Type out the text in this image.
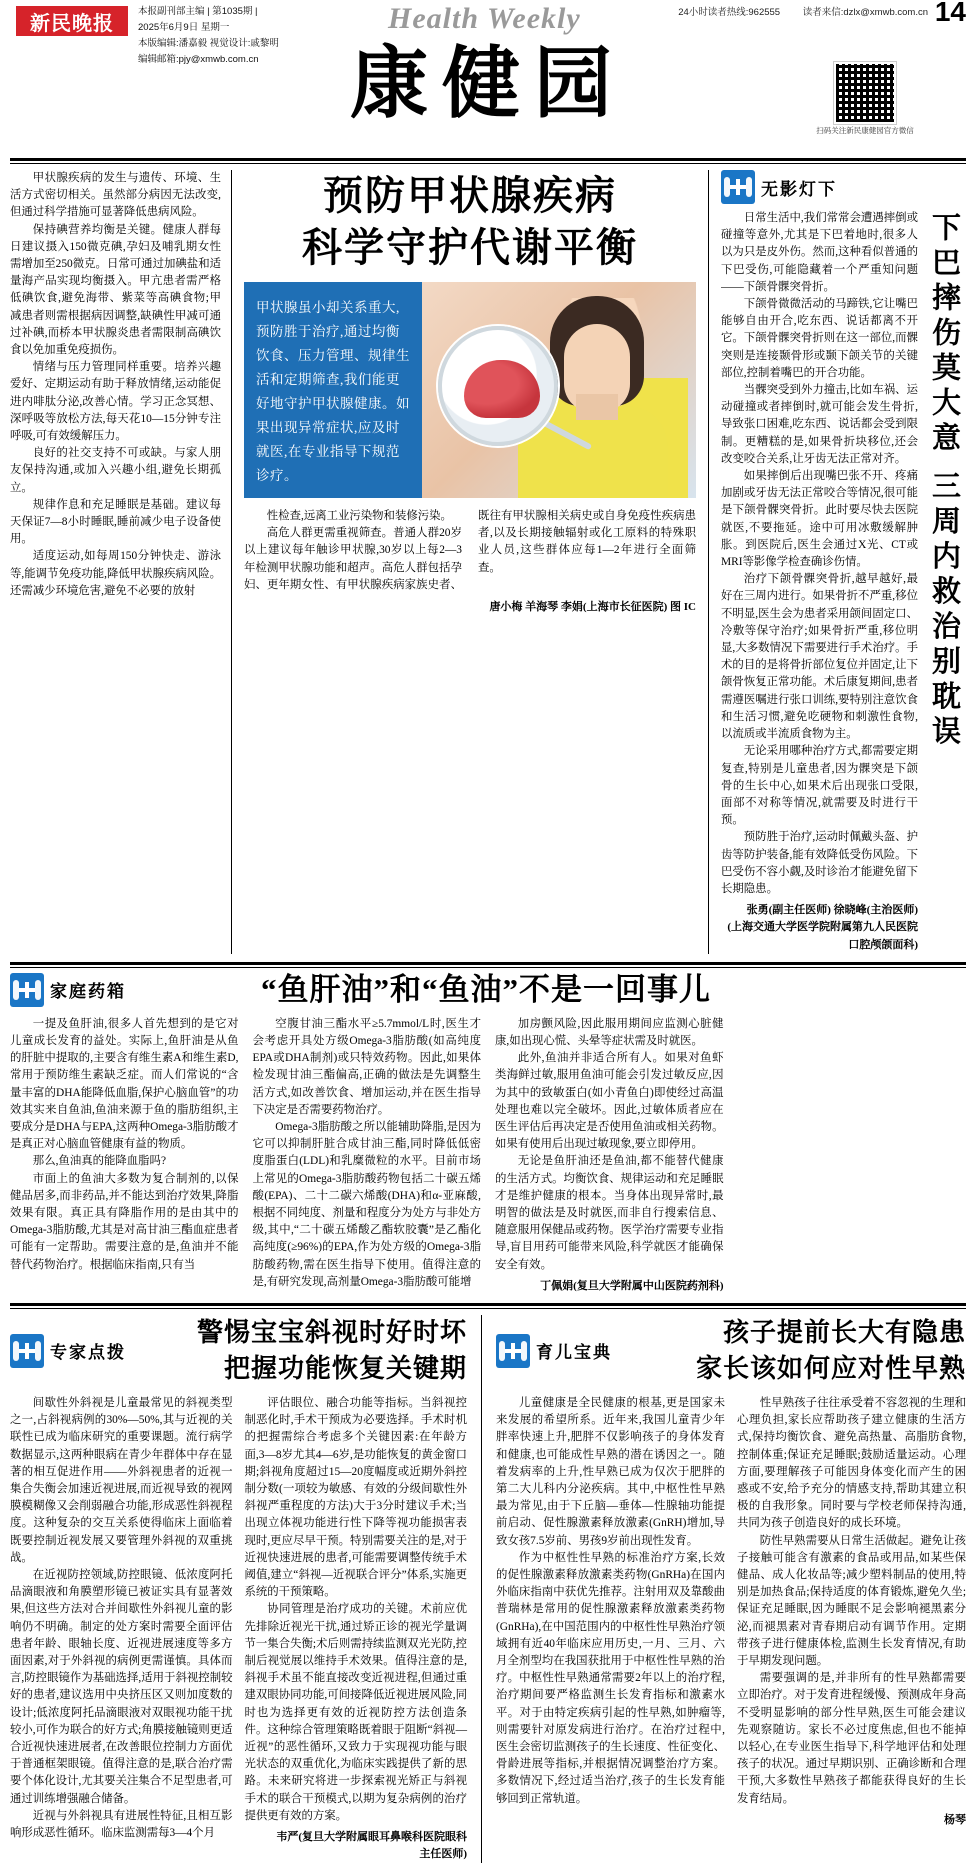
新民晚报
本报副刊部主编 | 第1035期 |
2025年6月9日 星期一
本版编辑:潘嘉毅 视觉设计:戚黎明
编辑邮箱:pjy@xmwb.com.cn
Health Weekly	24小时读者热线:962555 读者来信:dzlx@xmwb.com.cn 14
康健园
扫码关注新民康健园官方微信

甲状腺疾病的发生与遗传、环境、生活方式密切相关。虽然部分病因无法改变,但通过科学措施可显著降低患病风险。

保持碘营养均衡是关键。健康人群每日建议摄入150微克碘,孕妇及哺乳期女性需增加至250微克。日常可通过加碘盐和适量海产品实现均衡摄入。甲亢患者需严格低碘饮食,避免海带、紫菜等高碘食物;甲减患者则需根据病因调整,缺碘性甲减可通过补碘,而桥本甲状腺炎患者需限制高碘饮食以免加重免疫损伤。

情绪与压力管理同样重要。培养兴趣爱好、定期运动有助于释放情绪,运动能促进内啡肽分泌,改善心情。学习正念冥想、深呼吸等放松方法,每天花10—15分钟专注呼吸,可有效缓解压力。

良好的社交支持不可或缺。与家人朋友保持沟通,或加入兴趣小组,避免长期孤立。

规律作息和充足睡眠是基础。建议每天保证7—8小时睡眠,睡前减少电子设备使用。

适度运动,如每周150分钟快走、游泳等,能调节免疫功能,降低甲状腺疾病风险。还需减少环境危害,避免不必要的放射

预防甲状腺疾病
科学守护代谢平衡
甲状腺虽小却关系重大,预防胜于治疗,通过均衡饮食、压力管理、规律生活和定期筛查,我们能更好地守护甲状腺健康。如果出现异常症状,应及时就医,在专业指导下规范诊疗。

性检查,远离工业污染物和装修污染。

高危人群更需重视筛查。普通人群20岁以上建议每年触诊甲状腺,30岁以上每2—3年检测甲状腺功能和超声。高危人群包括孕妇、更年期女性、有甲状腺疾病家族史者、既往有甲状腺相关病史或自身免疫性疾病患者,以及长期接触辐射或化工原料的特殊职业人员,这些群体应每1—2年进行全面筛查。

唐小梅 羊海琴 李娟(上海市长征医院) 图 IC
无影灯下
下巴摔伤莫大意 三周内救治别耽误

日常生活中,我们常常会遭遇摔倒或碰撞等意外,尤其是下巴着地时,很多人以为只是皮外伤。然而,这种看似普通的下巴受伤,可能隐藏着一个严重知问题——下颌骨髁突骨折。

下颌骨微微活动的马蹄铁,它让嘴巴能够自由开合,吃东西、说话都离不开它。下颌骨髁突骨折则在这一部位,而髁突则是连接颞骨形或颞下颌关节的关键部位,控制着嘴巴的开合功能。

当髁突受到外力撞击,比如车祸、运动碰撞或者摔倒时,就可能会发生骨折,导致张口困难,吃东西、说话都会受到限制。更糟糕的是,如果骨折块移位,还会改变咬合关系,让牙齿无法正常对齐。

如果摔倒后出现嘴巴张不开、疼痛加剧或牙齿无法正常咬合等情况,很可能是下颌骨髁突骨折。此时要尽快去医院就医,不要拖延。途中可用冰敷缓解肿胀。到医院后,医生会通过X光、CT或MRI等影像学检查确诊伤情。

治疗下颌骨髁突骨折,越早越好,最好在三周内进行。如果骨折不严重,移位不明显,医生会为患者采用颌间固定口、冷敷等保守治疗;如果骨折严重,移位明显,大多数情况下需要进行手术治疗。手术的目的是将骨折部位复位并固定,让下颌骨恢复正常功能。术后康复期间,患者需遵医嘱进行张口训练,要特别注意饮食和生活习惯,避免吃硬物和刺激性食物,以流质或半流质食物为主。

无论采用哪种治疗方式,都需要定期复查,特别是儿童患者,因为髁突是下颌骨的生长中心,如果术后出现张口受限,面部不对称等情况,就需要及时进行干预。

预防胜于治疗,运动时佩戴头盔、护齿等防护装备,能有效降低受伤风险。下巴受伤不容小觑,及时诊治才能避免留下长期隐患。

张勇(副主任医师) 徐晓峰(主治医师)(上海交通大学医学院附属第九人民医院口腔颅颌面科)
家庭药箱	“鱼肝油”和“鱼油”不是一回事儿

一提及鱼肝油,很多人首先想到的是它对儿童成长发育的益处。实际上,鱼肝油是从鱼的肝脏中提取的,主要含有维生素A和维生素D,常用于预防维生素缺乏症。而人们常说的“含量丰富的DHA能降低血脂,保护心脑血管”的功效其实来自鱼油,鱼油来源于鱼的脂肪组织,主要成分是DHA与EPA,这两种Omega-3脂肪酸才是真正对心脑血管健康有益的物质。

那么,鱼油真的能降血脂吗?

市面上的鱼油大多数为复合制剂的,以保健品居多,而非药品,并不能达到治疗效果,降脂效果有限。真正具有降脂作用的是由其中的Omega-3脂肪酸,尤其是对高甘油三酯血症患者可能有一定帮助。需要注意的是,鱼油并不能替代药物治疗。根据临床指南,只有当

空腹甘油三酯水平≥5.7mmol/L时,医生才会考虑开具处方级Omega-3脂肪酸(如高纯度EPA或DHA制剂)或只特效药物。因此,如果体检发现甘油三酯偏高,正确的做法是先调整生活方式,如改善饮食、增加运动,并在医生指导下决定是否需要药物治疗。

Omega-3脂肪酸之所以能辅助降脂,是因为它可以抑制肝脏合成甘油三酯,同时降低低密度脂蛋白(LDL)和乳糜微粒的水平。目前市场上常见的Omega-3脂肪酸药物包括二十碳五烯酸(EPA)、二十二碳六烯酸(DHA)和α-亚麻酸,根据不同纯度、剂量和程度分为处方与非处方级,其中,“二十碳五烯酸乙酯软胶囊”是乙酯化高纯度(≥96%)的EPA,作为处方级的Omega-3脂肪酸药物,需在医生指导下使用。值得注意的是,有研究发现,高剂量Omega-3脂肪酸可能增

加房颤风险,因此服用期间应监测心脏健康,如出现心慌、头晕等症状需及时就医。

此外,鱼油并非适合所有人。如果对鱼虾类海鲜过敏,服用鱼油可能会引发过敏反应,因为其中的致敏蛋白(如小青鱼白)即使经过高温处理也难以完全破坏。因此,过敏体质者应在医生评估后再决定是否使用鱼油或相关药物。如果有使用后出现过敏现象,要立即停用。

无论是鱼肝油还是鱼油,都不能替代健康的生活方式。均衡饮食、规律运动和充足睡眠才是维护健康的根本。当身体出现异常时,最明智的做法是及时就医,而非自行搜索信息、随意服用保健品或药物。医学治疗需要专业指导,盲目用药可能带来风险,科学就医才能确保安全有效。

丁佩娟(复旦大学附属中山医院药剂科)
专家点拨
警惕宝宝斜视时好时坏
把握功能恢复关键期

间歇性外斜视是儿童最常见的斜视类型之一,占斜视病例的30%—50%,其与近视的关联性已成为临床研究的重要课题。流行病学数据显示,这两种眼病在青少年群体中存在显著的相互促进作用——外斜视患者的近视一集合失衡会加速近视进展,而近视导致的视网膜模糊像又会削弱融合功能,形成恶性斜视程度。这种复杂的交互关系使得临床上面临着既要控制近视发展又要管理外斜视的双重挑战。

在近视防控领域,防控眼镜、低浓度阿托品滴眼液和角膜塑形镜已被证实具有显著效果,但这些方法对合并间歇性外斜视儿童的影响仍不明确。制定的处方案时需要全面评估患者年龄、眼轴长度、近视进展速度等多方面因素,对于外斜视的病例更需谨慎。具体而言,防控眼镜作为基础选择,适用于斜视控制较好的患者,建议选用中央挤压区又则加度数的设计;低浓度阿托品滴眼液对双眼视功能干扰较小,可作为联合的好方式;角膜接触镜则更适合近视快速进展者,在改善眼位控制力方面优于普通框架眼镜。值得注意的是,联合治疗需要个体化设计,尤其要关注集合不足型患者,可通过训练增强融合储备。

近视与外斜视具有进展性特征,且相互影响形成恶性循环。临床监测需每3—4个月

评估眼位、融合功能等指标。当斜视控制恶化时,手术干预成为必要选择。手术时机的把握需综合考虑多个关键因素:在年龄方面,3—8岁尤其4—6岁,是功能恢复的黄金窗口期;斜视角度超过15—20度幅度或近期外斜控制分数(一项较为敏感、有效的分级间歇性外斜视严重程度的方法)大于3分时建议手术;当出现立体视功能进行性下降等视功能损害表现时,更应尽早干预。特别需要关注的是,对于近视快速进展的患者,可能需要调整传统手术阈值,建立“斜视—近视联合评分”体系,实施更系统的干预策略。

协同管理是治疗成功的关键。术前应优先排除近视光干扰,通过矫正诊的视光学量调节一集合失衡;术后则需持续监测双光光防,控制后视觉展以维持手术效果。值得注意的是,斜视手术虽不能直接改变近视进程,但通过重建双眼协同功能,可间接降低近视进展风险,同时也为选择更有效的近视防控方法创造条件。这种综合管理策略既着眼于阻断“斜视—近视”的恶性循环,又致力于实现视功能与眼光状态的双重优化,为临床实践提供了新的思路。未来研究将进一步探索视光矫正与斜视手术的联合干预模式,以期为复杂病例的治疗提供更有效的方案。

韦严(复旦大学附属眼耳鼻喉科医院眼科主任医师)
育儿宝典
孩子提前长大有隐患
家长该如何应对性早熟

儿童健康是全民健康的根基,更是国家未来发展的希望所系。近年来,我国儿童青少年胖率快速上升,肥胖不仅影响孩子的身体发育和健康,也可能成性早熟的潜在诱因之一。随着发病率的上升,性早熟已成为仅次于肥胖的第二大儿科内分泌疾病。其中,中枢性性早熟最为常见,由于下丘脑—垂体—性腺轴功能提前启动、促性腺激素释放激素(GnRH)增加,导致女孩7.5岁前、男孩9岁前出现性发育。

作为中枢性性早熟的标准治疗方案,长效的促性腺激素释放激素类药物(GnRHa)在国内外临床指南中获优先推荐。注射用双及靠酸曲普瑞林是常用的促性腺激素释放激素类药物(GnRHa),在中国范围内的中枢性性早熟治疗领域拥有近40年临床应用历史,一月、三月、六月全剂型均在我国获批用于中枢性性早熟的治疗。中枢性性早熟通常需要2年以上的治疗程,治疗期间要严格监测生长发育指标和激素水平。对于由特定疾病引起的性早熟,如肿瘤等,则需要针对原发病进行治疗。在治疗过程中,医生会密切监测孩子的生长速度、性征变化、骨龄进展等指标,并根据情况调整治疗方案。多数情况下,经过适当治疗,孩子的生长发育能够回到正常轨道。

性早熟孩子往往承受着不容忽视的生理和心理负担,家长应帮助孩子建立健康的生活方式,保持均衡饮食、避免高热量、高脂肪食物,控制体重;保证充足睡眠;鼓励适量运动。心理方面,要理解孩子可能因身体变化而产生的困惑或不安,给予充分的情感支持,帮助其建立积极的自我形象。同时要与学校老师保持沟通,共同为孩子创造良好的成长环境。

防性早熟需要从日常生活做起。避免让孩子接触可能含有激素的食品或用品,如某些保健品、成人化妆品等;减少塑料制品的使用,特别是加热食品;保持适度的体育锻炼,避免久坐;保证充足睡眠,因为睡眠不足会影响褪黑素分泌,而褪黑素对青春期启动有调节作用。定期带孩子进行健康体检,监测生长发育情况,有助于早期发现问题。

需要强调的是,并非所有的性早熟都需要立即治疗。对于发育进程缓慢、预测成年身高不受明显影响的部分性早熟,医生可能会建议先观察随访。家长不必过度焦虑,但也不能掉以轻心,在专业医生指导下,科学地评估和处理孩子的状况。通过早期识别、正确诊断和合理干预,大多数性早熟孩子都能获得良好的生长发育结局。

杨琴
